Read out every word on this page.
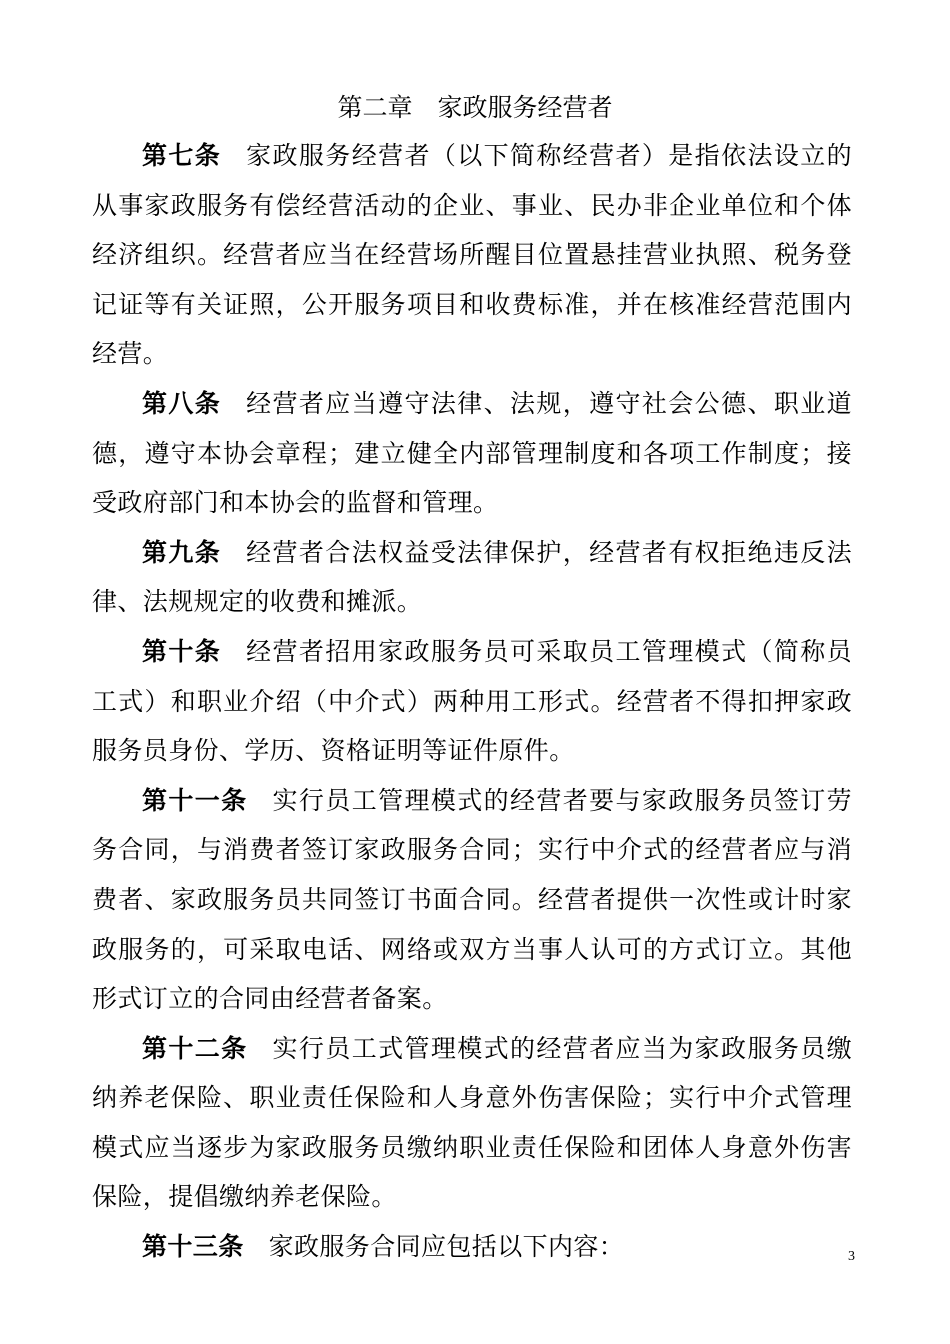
第二章　家政服务经营者

第七条 家政服务经营者（以下简称经营者）是指依法设立的从事家政服务有偿经营活动的企业、事业、民办非企业单位和个体经济组织。经营者应当在经营场所醒目位置悬挂营业执照、税务登记证等有关证照，公开服务项目和收费标准，并在核准经营范围内经营。

第八条 经营者应当遵守法律、法规，遵守社会公德、职业道德，遵守本协会章程；建立健全内部管理制度和各项工作制度；接受政府部门和本协会的监督和管理。

第九条 经营者合法权益受法律保护，经营者有权拒绝违反法律、法规规定的收费和摊派。

第十条 经营者招用家政服务员可采取员工管理模式（简称员工式）和职业介绍（中介式）两种用工形式。经营者不得扣押家政服务员身份、学历、资格证明等证件原件。

第十一条 实行员工管理模式的经营者要与家政服务员签订劳务合同，与消费者签订家政服务合同；实行中介式的经营者应与消费者、家政服务员共同签订书面合同。经营者提供一次性或计时家政服务的，可采取电话、网络或双方当事人认可的方式订立。其他形式订立的合同由经营者备案。

第十二条 实行员工式管理模式的经营者应当为家政服务员缴纳养老保险、职业责任保险和人身意外伤害保险；实行中介式管理模式应当逐步为家政服务员缴纳职业责任保险和团体人身意外伤害保险，提倡缴纳养老保险。

第十三条 家政服务合同应包括以下内容：	3
